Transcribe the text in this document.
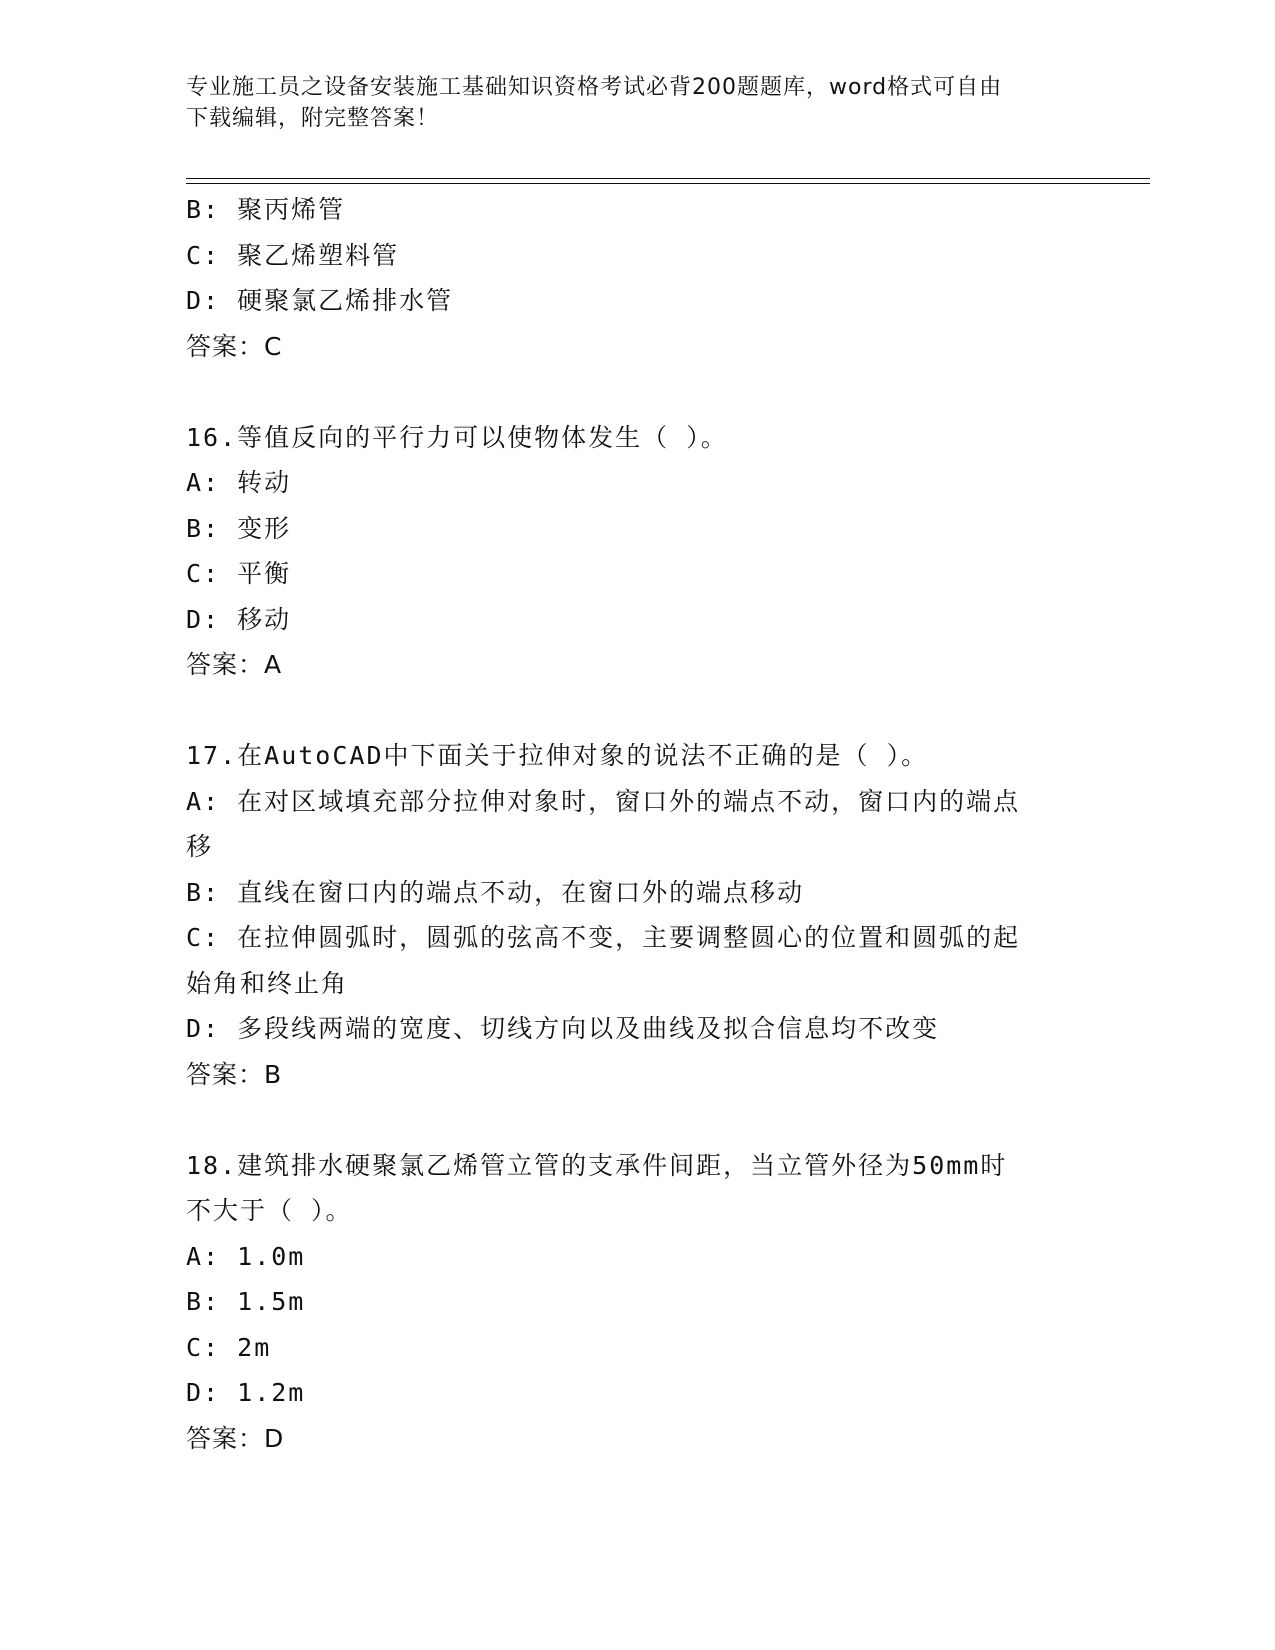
专业施工员之设备安装施工基础知识资格考试必背200题题库，word格式可自由
下载编辑，附完整答案！
B: 聚丙烯管
C: 聚乙烯塑料管
D: 硬聚氯乙烯排水管
答案：C
16.等值反向的平行力可以使物体发生（ ）。
A: 转动
B: 变形
C: 平衡
D: 移动
答案：A
17.在AutoCAD中下面关于拉伸对象的说法不正确的是（ ）。
A: 在对区域填充部分拉伸对象时，窗口外的端点不动，窗口内的端点
移
B: 直线在窗口内的端点不动，在窗口外的端点移动
C: 在拉伸圆弧时，圆弧的弦高不变，主要调整圆心的位置和圆弧的起
始角和终止角
D: 多段线两端的宽度、切线方向以及曲线及拟合信息均不改变
答案：B
18.建筑排水硬聚氯乙烯管立管的支承件间距，当立管外径为50mm时
不大于（ ）。
A: 1.0m
B: 1.5m
C: 2m
D: 1.2m
答案：D
